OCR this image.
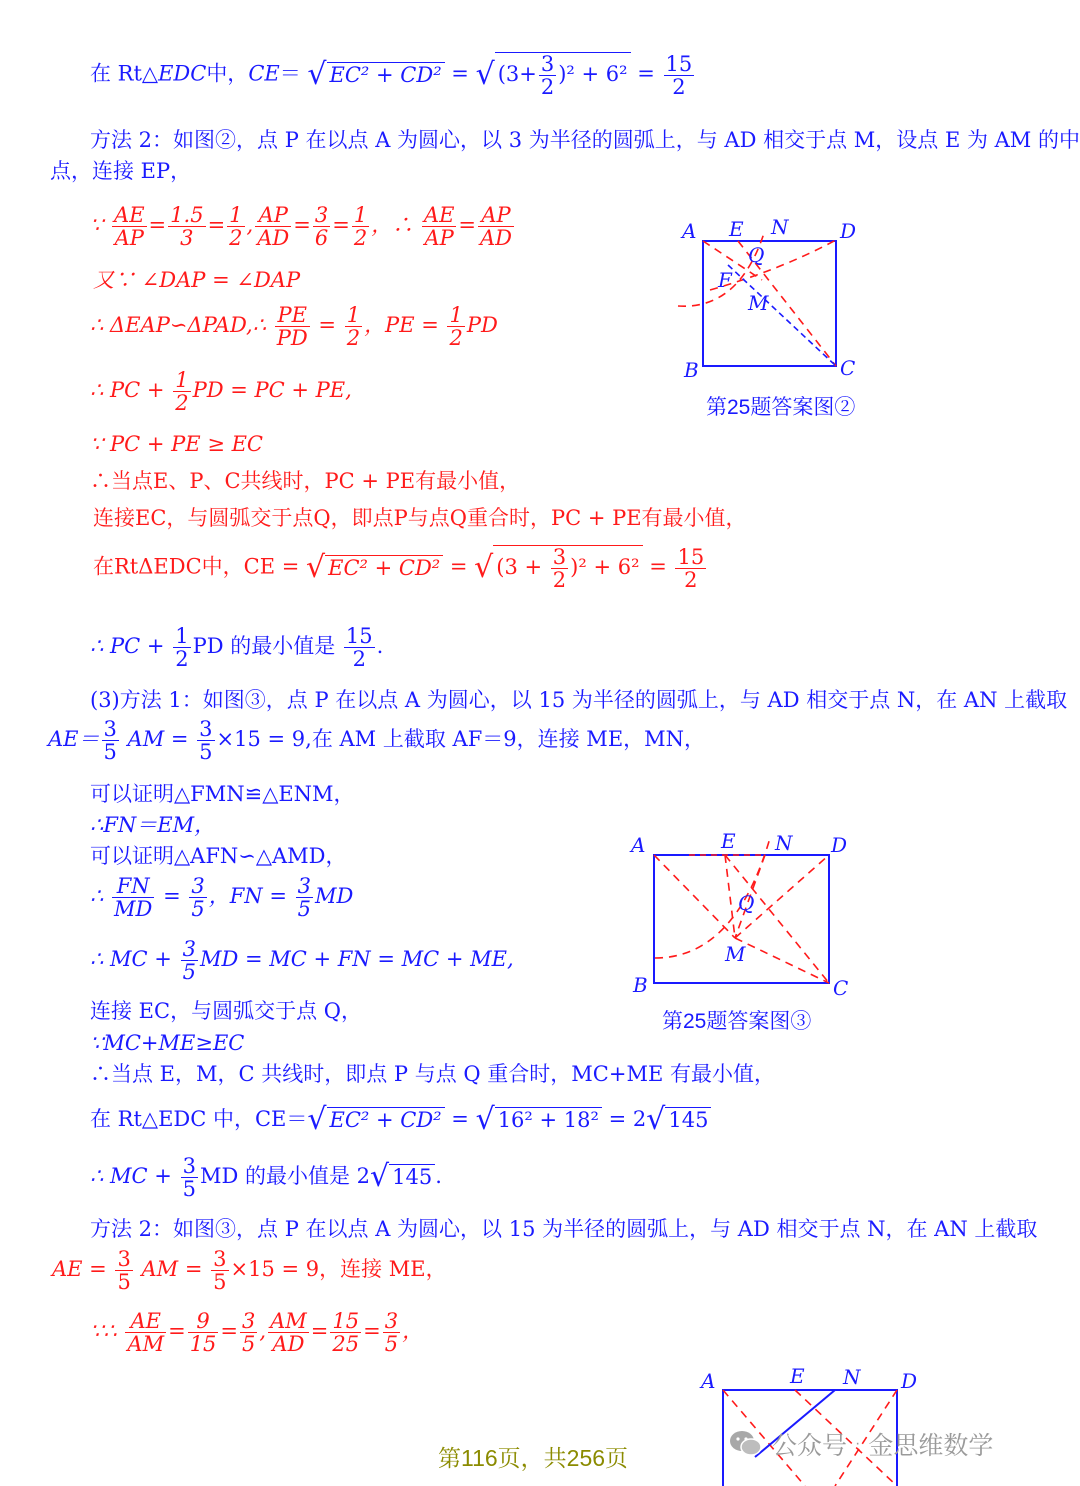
在 Rt△EDC中，CE＝ √ EC² + CD² = √ $(3+ \frac{3}{2} )^2 + 6^2 = \frac{15}{2}$
方法 2：如图②，点 P 在以点 A 为圆心，以 3 为半径的圆弧上，与 AD 相交于点 M，设点 E 为 AM 的中
点，连接 EP，
∵ $\frac{AE}{AP} = \frac{1.5}{3} = \frac{1}{2}$ , $\frac{AP}{AD} = \frac{3}{6} = \frac{1}{2}$ ，∴ $\frac{AE}{AP} = \frac{AP}{AD}$
又∵ ∠DAP = ∠DAP
∴ ΔEAP∽ΔPAD,∴ $\frac{PE}{PD} = \frac{1}{2}$ ，PE = $\frac{1}{2}$ PD
∴ PC + $\frac{1}{2}$ PD = PC + PE,
∵ PC + PE ≥ EC
∴当点E、P、C共线时，PC + PE有最小值，
连接EC，与圆弧交于点Q，即点P与点Q重合时，PC + PE有最小值，
在RtΔEDC中，CE = √ EC² + CD² = √ $(3 + \frac{3}{2} )^2 + 6^2 = \frac{15}{2}$
∴ PC + $\frac{1}{2}$ PD 的最小值是 $\frac{15}{2}$ .
(3)方法 1：如图③，点 P 在以点 A 为圆心，以 15 为半径的圆弧上，与 AD 相交于点 N，在 AN 上截取
$AE= \frac{3}{5}$ AM = $\frac{3}{5} \times 15 = 9$,在 AM 上截取 AF＝9，连接 ME，MN，
可以证明△FMN≌△ENM，
∴FN＝EM，
可以证明△AFN∽△AMD，
∴ $\frac{FN}{MD} = \frac{3}{5}$ ，FN = $\frac{3}{5}$ MD
∴ MC + $\frac{3}{5}$ MD = MC + FN = MC + ME,
连接 EC，与圆弧交于点 Q，
∵MC+ME≥EC
∴当点 E，M，C 共线时，即点 P 与点 Q 重合时，MC+ME 有最小值，
在 Rt△EDC 中，CE＝√ EC² + CD² = √ 16² + 18² = 2√ 145
∴ MC + $\frac{3}{5}$ MD 的最小值是 2√ 145 .
方法 2：如图③，点 P 在以点 A 为圆心，以 15 为半径的圆弧上，与 AD 相交于点 N，在 AN 上截取
AE = $\frac{3}{5}$ AM = $\frac{3}{5} \times 15 = 9$，连接 ME，
∵∴ $\frac{AE}{AM} = \frac{9}{15} = \frac{3}{5}$ , $\frac{AM}{AD} = \frac{15}{25} = \frac{3}{5}$ ，
A E N	D
Q
F
M
B	C
第25题答案图②
A	E N D
Q
M
B	C
第25题答案图③
A	E N D
第116页，共256页	公众号 · 金思维数学
